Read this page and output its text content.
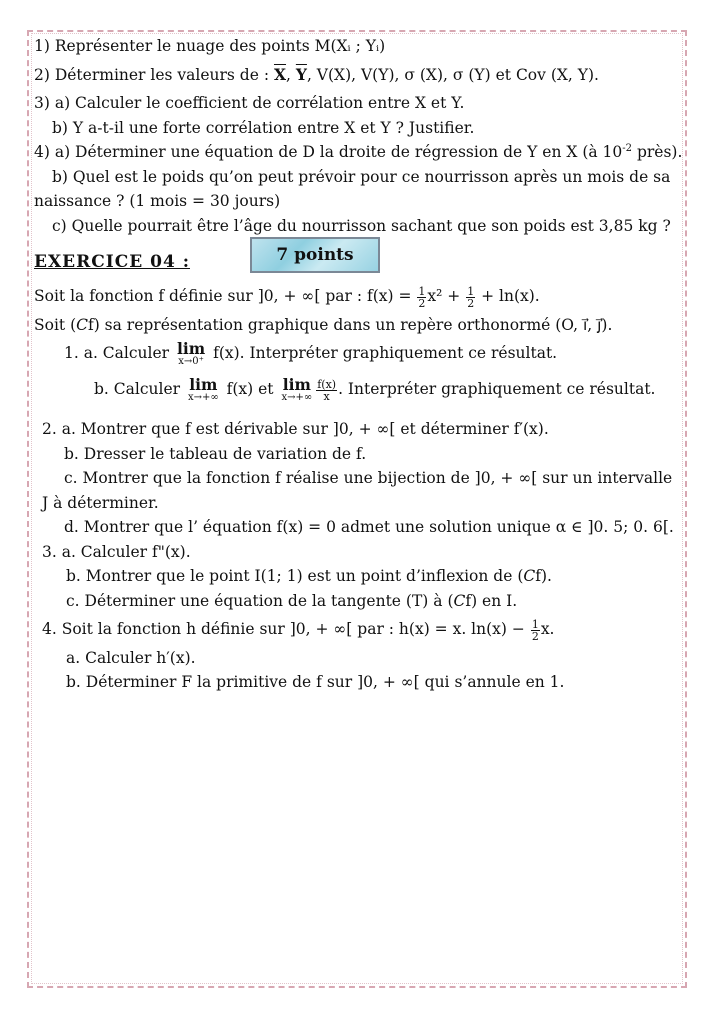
1) Représenter le nuage des points M(Xᵢ ; Yᵢ)
2) Déterminer les valeurs de : $\overline{X}$, $\overline{Y}$, V(X), V(Y), σ (X), σ (Y) et Cov (X, Y).
3) a) Calculer le coefficient de corrélation entre X et Y.
b) Y a-t-il une forte corrélation entre X et Y ? Justifier.
4) a) Déterminer une équation de D la droite de régression de Y en X (à $10^{-2}$ près).
b) Quel est le poids qu’on peut prévoir pour ce nourrisson après un mois de sa
naissance ? (1 mois = 30 jours)
c) Quelle pourrait être l’âge du nourrisson sachant que son poids est 3,85 kg ?
EXERCICE 04 :	7 points
Soit la fonction f définie sur ]0, + ∞[ par : $f(x) = \frac{1}{2} x^2 + \frac{1}{2} + \ln(x)$.
Soit (𝐶f) sa représentation graphique dans un repère orthonormé (O, i⃗, j⃗).
1. a. Calculer lim
x→0⁺ f(x). Interpréter graphiquement ce résultat.
b. Calculer lim
x→+∞ f(x) et lim
$x\to+\infty \frac{f(x)}{x}$ . Interpréter graphiquement ce résultat.
2. a. Montrer que f est dérivable sur ]0, + ∞[ et déterminer f′(x).
b. Dresser le tableau de variation de f.
c. Montrer que la fonction f réalise une bijection de ]0, + ∞[ sur un intervalle
J à déterminer.
d. Montrer que l’ équation f(x) = 0 admet une solution unique α ∈ ]0. 5; 0. 6[.
3. a. Calculer f"(x).
b. Montrer que le point I(1; 1) est un point d’inflexion de (𝐶f).
c. Déterminer une équation de la tangente (T) à (𝐶f) en I.
4. Soit la fonction h définie sur ]0, + ∞[ par : h(x) = x. $\ln(x) - \frac{1}{2} x$.
a. Calculer h′(x).
b. Déterminer F la primitive de f sur ]0, + ∞[ qui s’annule en 1.
